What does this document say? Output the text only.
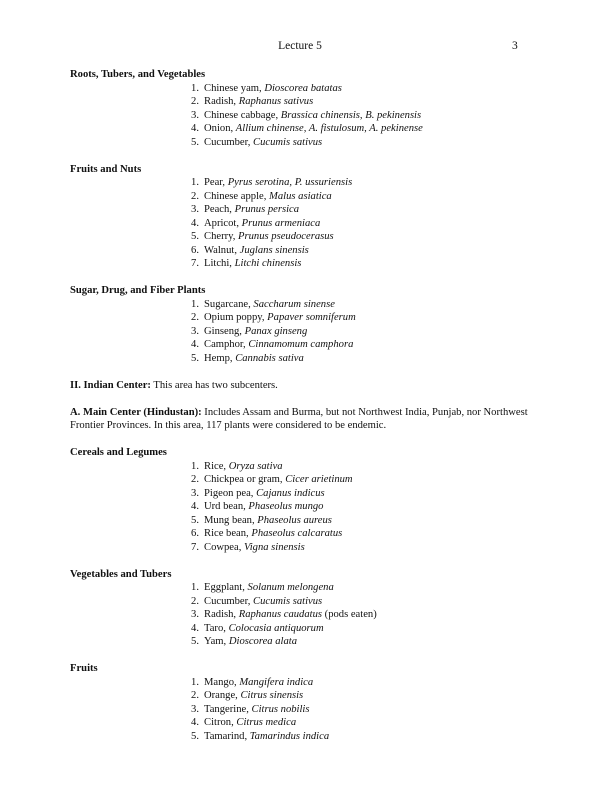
Lecture 5	3

Roots, Tubers, and Vegetables

1. Chinese yam, Dioscorea batatas
2. Radish, Raphanus sativus
3. Chinese cabbage, Brassica chinensis, B. pekinensis
4. Onion, Allium chinense, A. fistulosum, A. pekinense
5. Cucumber, Cucumis sativus

Fruits and Nuts

1. Pear, Pyrus serotina, P. ussuriensis
2. Chinese apple, Malus asiatica
3. Peach, Prunus persica
4. Apricot, Prunus armeniaca
5. Cherry, Prunus pseudocerasus
6. Walnut, Juglans sinensis
7. Litchi, Litchi chinensis

Sugar, Drug, and Fiber Plants

1. Sugarcane, Saccharum sinense
2. Opium poppy, Papaver somniferum
3. Ginseng, Panax ginseng
4. Camphor, Cinnamomum camphora
5. Hemp, Cannabis sativa

II. Indian Center: This area has two subcenters.

A. Main Center (Hindustan): Includes Assam and Burma, but not Northwest India, Punjab, nor Northwest Frontier Provinces. In this area, 117 plants were considered to be endemic.

Cereals and Legumes

1. Rice, Oryza sativa
2. Chickpea or gram, Cicer arietinum
3. Pigeon pea, Cajanus indicus
4. Urd bean, Phaseolus mungo
5. Mung bean, Phaseolus aureus
6. Rice bean, Phaseolus calcaratus
7. Cowpea, Vigna sinensis

Vegetables and Tubers

1. Eggplant, Solanum melongena
2. Cucumber, Cucumis sativus
3. Radish, Raphanus caudatus (pods eaten)
4. Taro, Colocasia antiquorum
5. Yam, Dioscorea alata

Fruits

1. Mango, Mangifera indica
2. Orange, Citrus sinensis
3. Tangerine, Citrus nobilis
4. Citron, Citrus medica
5. Tamarind, Tamarindus indica
